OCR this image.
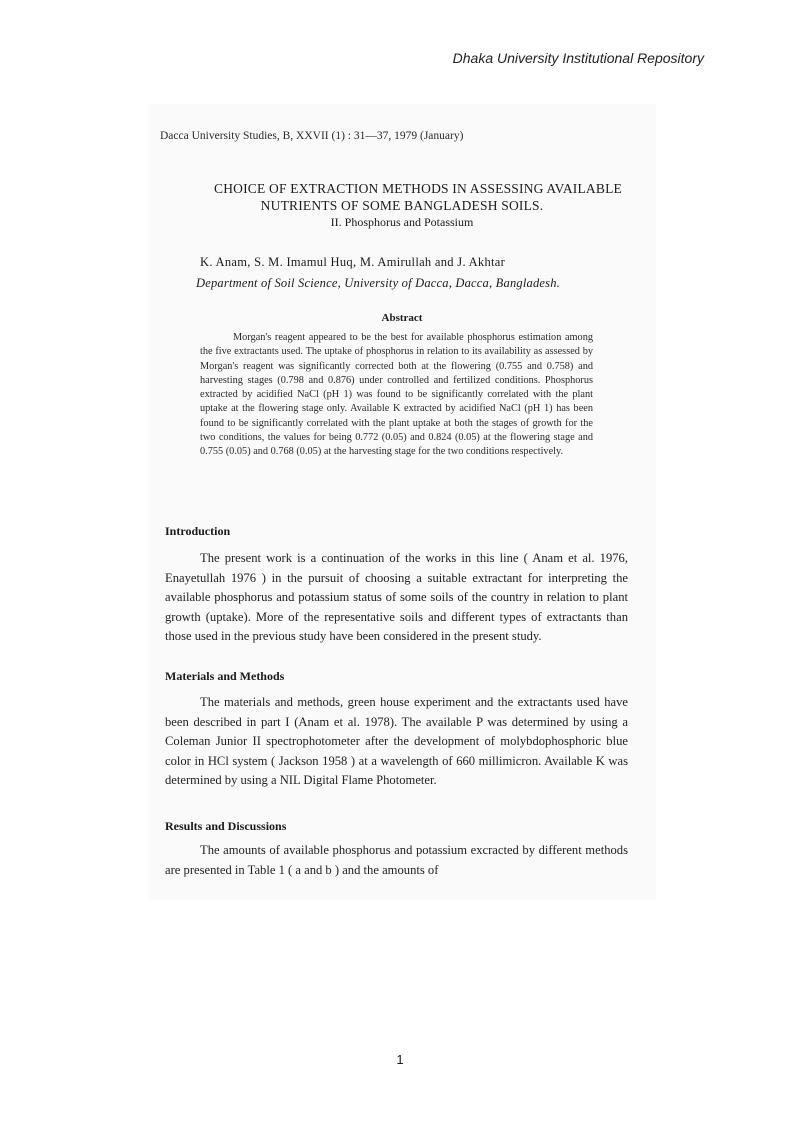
Dhaka University Institutional Repository
Dacca University Studies, B, XXVII (1) : 31—37, 1979 (January)
CHOICE OF EXTRACTION METHODS IN ASSESSING AVAILABLE
NUTRIENTS OF SOME BANGLADESH SOILS.
II. Phosphorus and Potassium
K. Anam, S. M. Imamul Huq, M. Amirullah and J. Akhtar
Department of Soil Science, University of Dacca, Dacca, Bangladesh.
Abstract
Morgan's reagent appeared to be the best for available phosphorus estimation among the five extractants used. The uptake of phosphorus in relation to its availability as assessed by Morgan's reagent was significantly corrected both at the flowering (0.755 and 0.758) and harvesting stages (0.798 and 0.876) under controlled and fertilized conditions. Phosphorus extracted by acidified NaCl (pH 1) was found to be significantly correlated with the plant uptake at the flowering stage only. Available K extracted by acidified NaCl (pH 1) has been found to be significantly correlated with the plant uptake at both the stages of growth for the two conditions, the values for being 0.772 (0.05) and 0.824 (0.05) at the flowering stage and 0.755 (0.05) and 0.768 (0.05) at the harvesting stage for the two conditions respectively.
Introduction
The present work is a continuation of the works in this line ( Anam et al. 1976, Enayetullah 1976 ) in the pursuit of choosing a suitable extractant for interpreting the available phosphorus and potassium status of some soils of the country in relation to plant growth (uptake). More of the representative soils and different types of extractants than those used in the previous study have been considered in the present study.
Materials and Methods
The materials and methods, green house experiment and the extractants used have been described in part I (Anam et al. 1978). The available P was determined by using a Coleman Junior II spectrophotometer after the development of molybdophosphoric blue color in HCl system ( Jackson 1958 ) at a wavelength of 660 millimicron. Available K was determined by using a NIL Digital Flame Photometer.
Results and Discussions
The amounts of available phosphorus and potassium excracted by different methods are presented in Table 1 ( a and b ) and the amounts of
1
